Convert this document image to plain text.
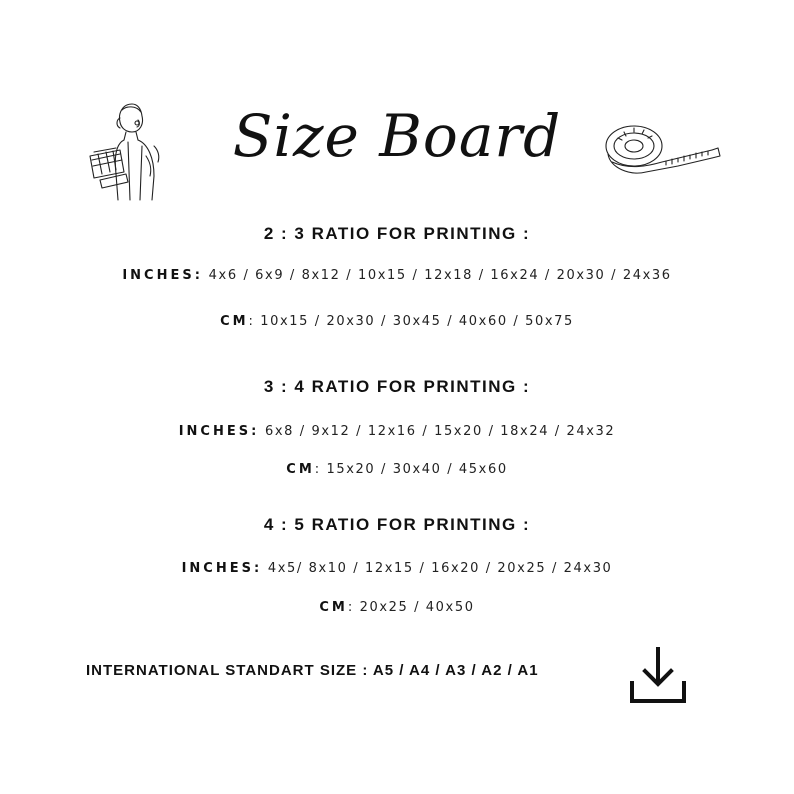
Size Board
2 : 3 RATIO FOR PRINTING :
INCHES: 4x6 / 6x9 / 8x12 / 10x15 / 12x18 / 16x24 / 20x30 / 24x36
CM: 10x15 / 20x30 / 30x45 / 40x60 / 50x75
3 : 4 RATIO FOR PRINTING :
INCHES: 6x8 / 9x12 / 12x16 / 15x20 / 18x24 / 24x32
CM: 15x20 / 30x40 / 45x60
4 : 5 RATIO FOR PRINTING :
INCHES: 4x5/ 8x10 / 12x15 / 16x20 / 20x25 / 24x30
CM: 20x25 / 40x50
INTERNATIONAL STANDART SIZE : A5 / A4 / A3 / A2 / A1
